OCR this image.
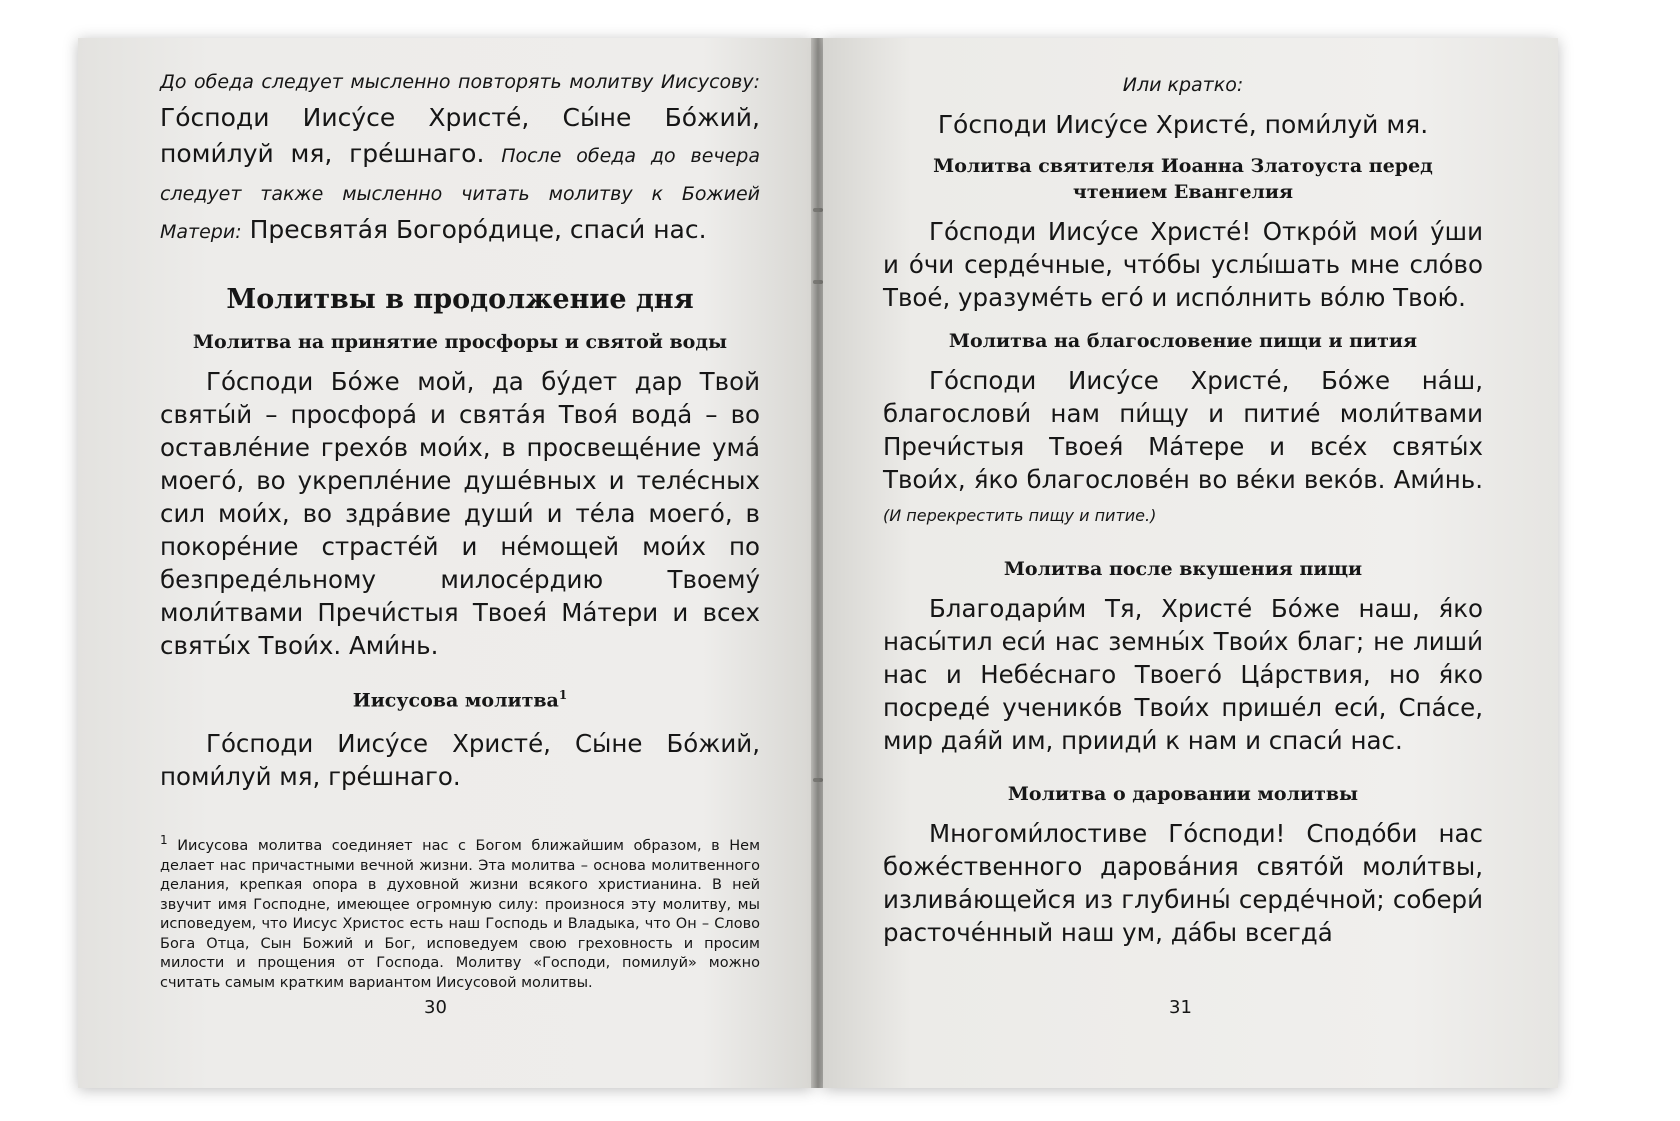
До обеда следует мысленно повторять молитву Иисусову: Го́споди Иису́се Христе́, Сы́не Бо́жий, поми́луй мя, гре́шнаго. После обеда до вечера следует также мысленно читать молитву к Божией Матери: Пресвята́я Богоро́дице, спаси́ нас.

Молитвы в продолжение дня
Молитва на принятие просфоры и святой воды

Го́споди Бо́же мой, да бу́дет дар Твой святы́й – просфора́ и свята́я Твоя́ вода́ – во оставле́ние грехо́в мои́х, в просвеще́ние ума́ моего́, во укрепле́ние душе́вных и теле́сных сил мои́х, во здра́вие души́ и те́ла моего́, в покоре́ние страсте́й и не́мощей мои́х по безпреде́льному милосе́рдию Твоему́ моли́твами Пречи́стыя Твоея́ Ма́тери и всех святы́х Твои́х. Ами́нь.

Иисусова молитва$^1$

Го́споди Иису́се Христе́, Сы́не Бо́жий, поми́луй мя, гре́шнаго.

$^1$ Иисусова молитва соединяет нас с Богом ближайшим образом, в Нем делает нас причастными вечной жизни. Эта молитва – основа молитвенного делания, крепкая опора в духовной жизни всякого христианина. В ней звучит имя Господне, имеющее огромную силу: произнося эту молитву, мы исповедуем, что Иисус Христос есть наш Господь и Владыка, что Он – Слово Бога Отца, Сын Божий и Бог, исповедуем свою греховность и просим милости и прощения от Господа. Молитву «Господи, помилуй» можно считать самым кратким вариантом Иисусовой молитвы.

30
Или кратко:
Го́споди Иису́се Христе́, поми́луй мя.
Молитва святителя Иоанна Златоуста перед чтением Евангелия

Го́споди Иису́се Христе́! Откро́й мои́ у́ши и о́чи серде́чные, что́бы услы́шать мне сло́во Твое́, уразуме́ть его́ и испо́лнить во́лю Твою́.

Молитва на благословение пищи и пития

Го́споди Иису́се Христе́, Бо́же на́ш, благослови́ нам пи́щу и питие́ моли́твами Пречи́стыя Твоея́ Ма́тере и все́х святы́х Твои́х, я́ко благослове́н во ве́ки веко́в. Ами́нь. (И перекрестить пищу и питие.)

Молитва после вкушения пищи

Благодари́м Тя, Христе́ Бо́же наш, я́ко насы́тил еси́ нас земны́х Твои́х благ; не лиши́ нас и Небе́снаго Твоего́ Ца́рствия, но я́ко посреде́ ученико́в Твои́х прише́л еси́, Спа́се, мир дая́й им, прииди́ к нам и спаси́ нас.

Молитва о даровании молитвы

Многоми́лостиве Го́споди! Сподо́би нас боже́ственного дарова́ния свято́й моли́твы, излива́ющейся из глубины́ серде́чной; собери́ расточе́нный наш ум, да́бы всегда́

31
